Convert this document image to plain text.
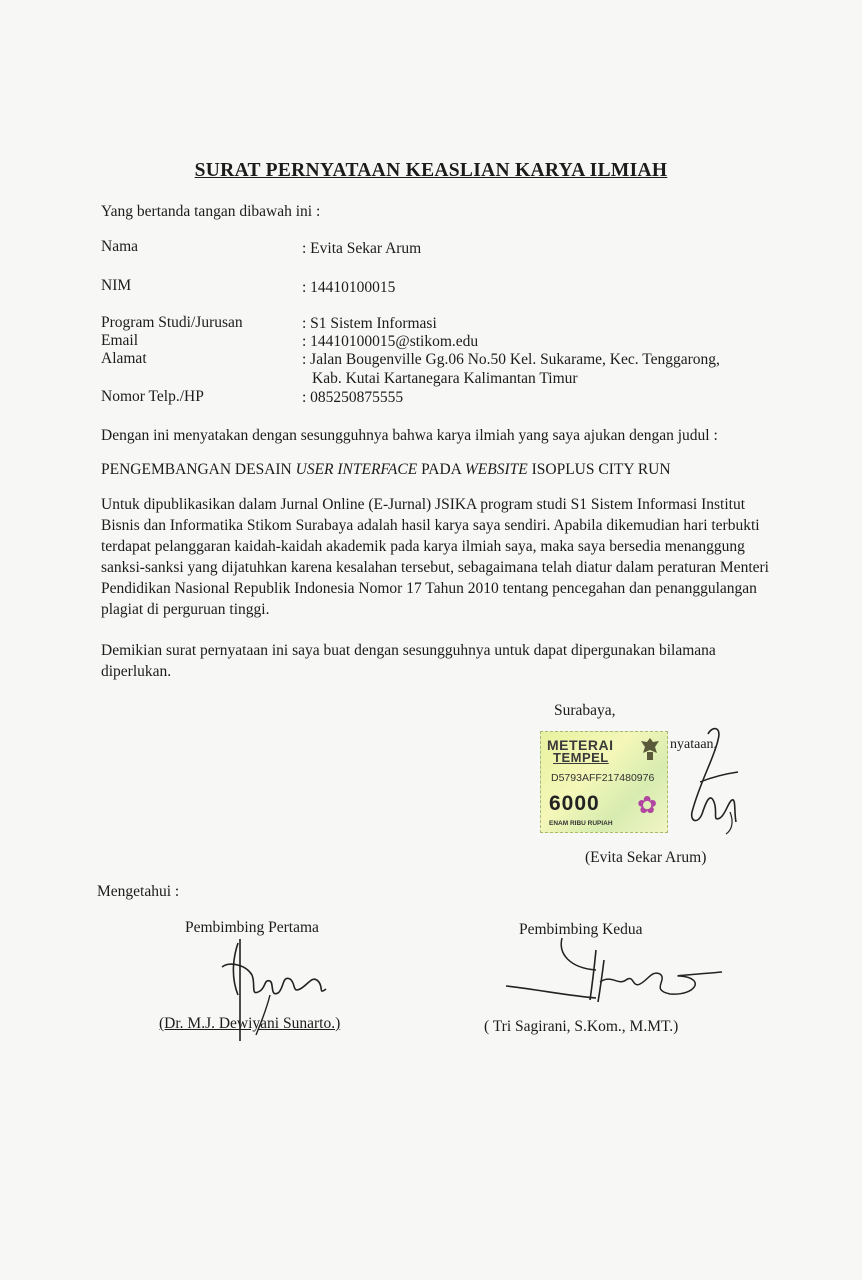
SURAT PERNYATAAN KEASLIAN KARYA ILMIAH
Yang bertanda tangan dibawah ini :
Nama	: Evita Sekar Arum
NIM	: 14410100015
Program Studi/Jurusan	: S1 Sistem Informasi
Email	: 14410100015@stikom.edu
Alamat	: Jalan Bougenville Gg.06 No.50 Kel. Sukarame, Kec. Tenggarong,
Kab. Kutai Kartanegara Kalimantan Timur
Nomor Telp./HP	: 085250875555
Dengan ini menyatakan dengan sesungguhnya bahwa karya ilmiah yang saya ajukan dengan judul :
PENGEMBANGAN DESAIN USER INTERFACE PADA WEBSITE ISOPLUS CITY RUN
Untuk dipublikasikan dalam Jurnal Online (E-Jurnal) JSIKA program studi S1 Sistem Informasi Institut
Bisnis dan Informatika Stikom Surabaya adalah hasil karya saya sendiri. Apabila dikemudian hari terbukti
terdapat pelanggaran kaidah-kaidah akademik pada karya ilmiah saya, maka saya bersedia menanggung
sanksi-sanksi yang dijatuhkan karena kesalahan tersebut, sebagaimana telah diatur dalam peraturan Menteri
Pendidikan Nasional Republik Indonesia Nomor 17 Tahun 2010 tentang pencegahan dan penanggulangan
plagiat di perguruan tinggi.
Demikian surat pernyataan ini saya buat dengan sesungguhnya untuk dapat dipergunakan bilamana
diperlukan.
Surabaya,
nyataan,
METERAI
TEMPEL
D5793AFF217480976
6000 ✿
ENAM RIBU RUPIAH
(Evita Sekar Arum)
Mengetahui :
Pembimbing Pertama
(Dr. M.J. Dewiyani Sunarto.)
Pembimbing Kedua
( Tri Sagirani, S.Kom., M.MT.)
